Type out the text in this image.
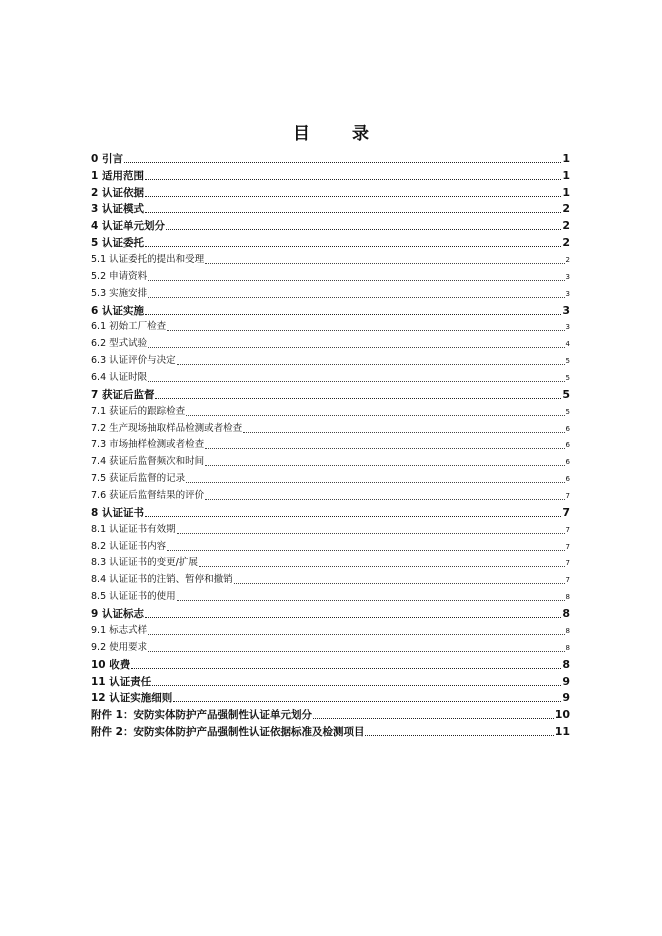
目 录
0 引言	1
1 适用范围	1
2 认证依据	1
3 认证模式	2
4 认证单元划分	2
5 认证委托	2
5.1 认证委托的提出和受理	2
5.2 申请资料	3
5.3 实施安排	3
6 认证实施	3
6.1 初始工厂检查	3
6.2 型式试验	4
6.3 认证评价与决定	5
6.4 认证时限	5
7 获证后监督	5
7.1 获证后的跟踪检查	5
7.2 生产现场抽取样品检测或者检查	6
7.3 市场抽样检测或者检查	6
7.4 获证后监督频次和时间	6
7.5 获证后监督的记录	6
7.6 获证后监督结果的评价	7
8 认证证书	7
8.1 认证证书有效期	7
8.2 认证证书内容	7
8.3 认证证书的变更/扩展	7
8.4 认证证书的注销、暂停和撤销	7
8.5 认证证书的使用	8
9 认证标志	8
9.1 标志式样	8
9.2 使用要求	8
10 收费	8
11 认证责任	9
12 认证实施细则	9
附件 1：安防实体防护产品强制性认证单元划分	10
附件 2：安防实体防护产品强制性认证依据标准及检测项目	11
